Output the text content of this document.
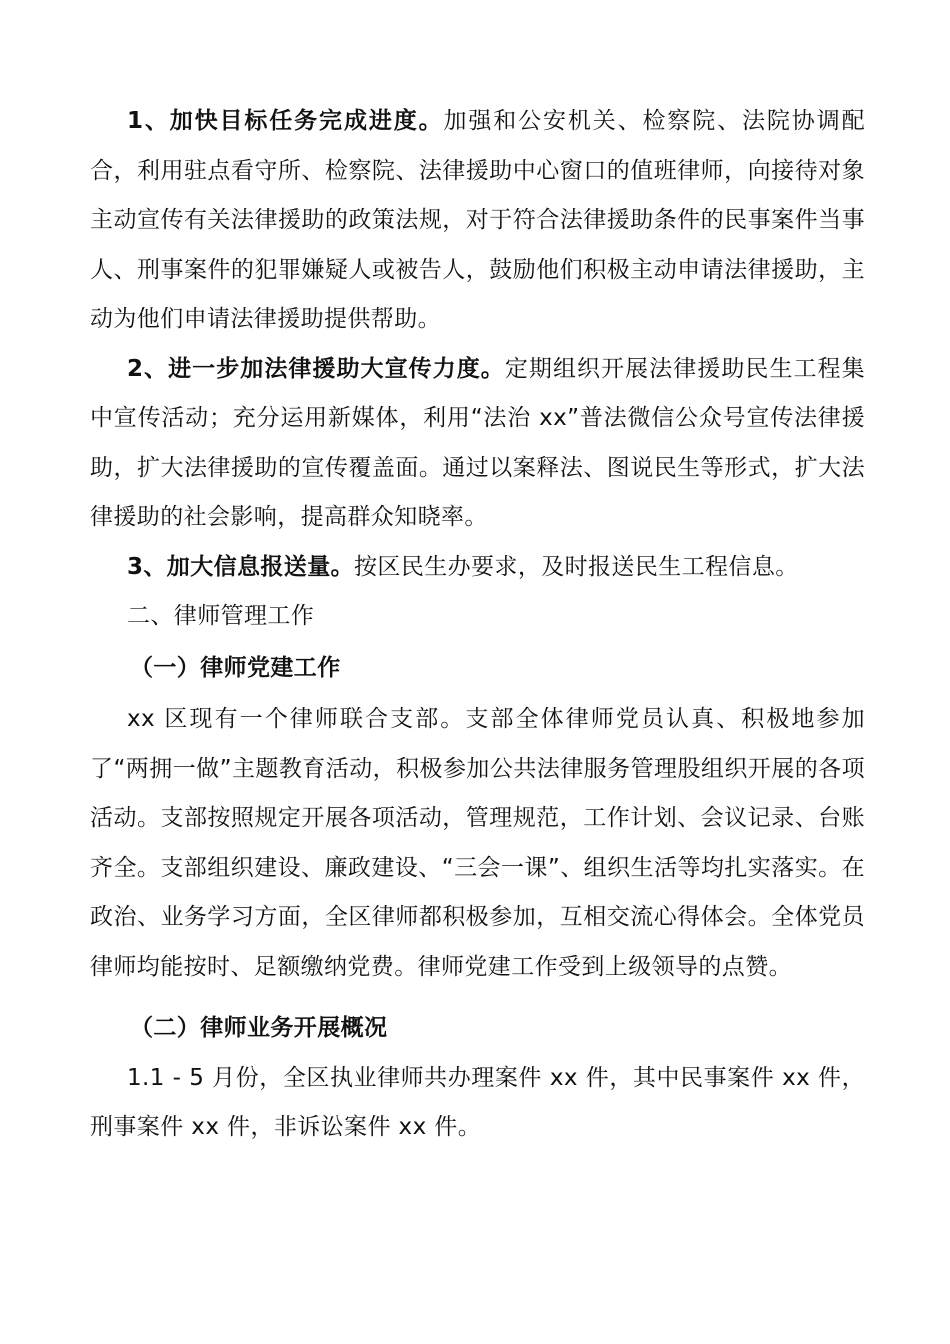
1、加快目标任务完成进度。加强和公安机关、检察院、法院协调配合，利用驻点看守所、检察院、法律援助中心窗口的值班律师，向接待对象主动宣传有关法律援助的政策法规，对于符合法律援助条件的民事案件当事人、刑事案件的犯罪嫌疑人或被告人，鼓励他们积极主动申请法律援助，主动为他们申请法律援助提供帮助。

2、进一步加法律援助大宣传力度。定期组织开展法律援助民生工程集中宣传活动；充分运用新媒体，利用“法治 xx”普法微信公众号宣传法律援助，扩大法律援助的宣传覆盖面。通过以案释法、图说民生等形式，扩大法律援助的社会影响，提高群众知晓率。

3、加大信息报送量。按区民生办要求，及时报送民生工程信息。

二、律师管理工作

（一）律师党建工作

xx 区现有一个律师联合支部。支部全体律师党员认真、积极地参加了“两拥一做”主题教育活动，积极参加公共法律服务管理股组织开展的各项活动。支部按照规定开展各项活动，管理规范，工作计划、会议记录、台账齐全。支部组织建设、廉政建设、“三会一课”、组织生活等均扎实落实。在政治、业务学习方面，全区律师都积极参加，互相交流心得体会。全体党员律师均能按时、足额缴纳党费。律师党建工作受到上级领导的点赞。

（二）律师业务开展概况

1.1 - 5 月份，全区执业律师共办理案件 xx 件，其中民事案件 xx 件，刑事案件 xx 件，非诉讼案件 xx 件。
